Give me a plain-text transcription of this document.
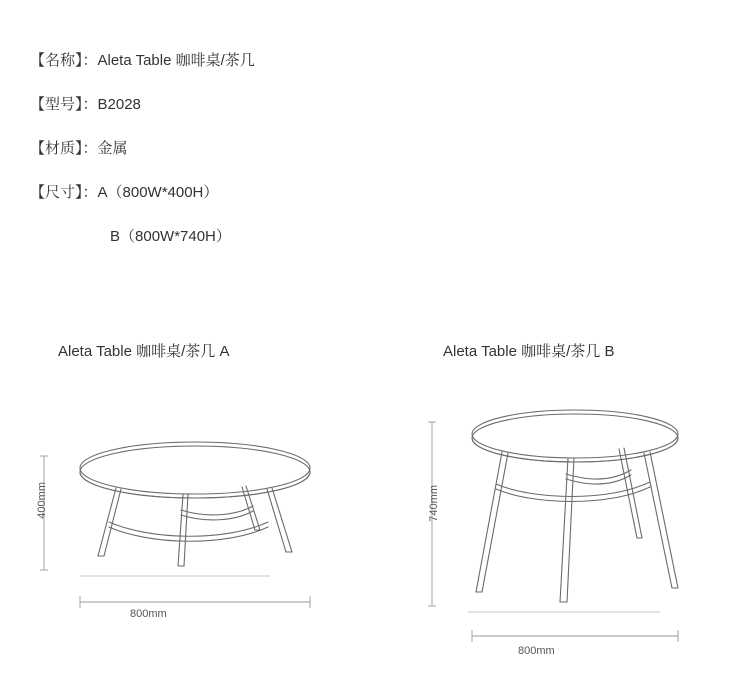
【名称】：Aleta Table 咖啡桌/茶几
【型号】：B2028
【材质】：金属
【尺寸】：A（800W*400H）
B（800W*740H）
Aleta Table 咖啡桌/茶几 A	Aleta Table 咖啡桌/茶几 B
400mm
800mm
740mm
800mm
